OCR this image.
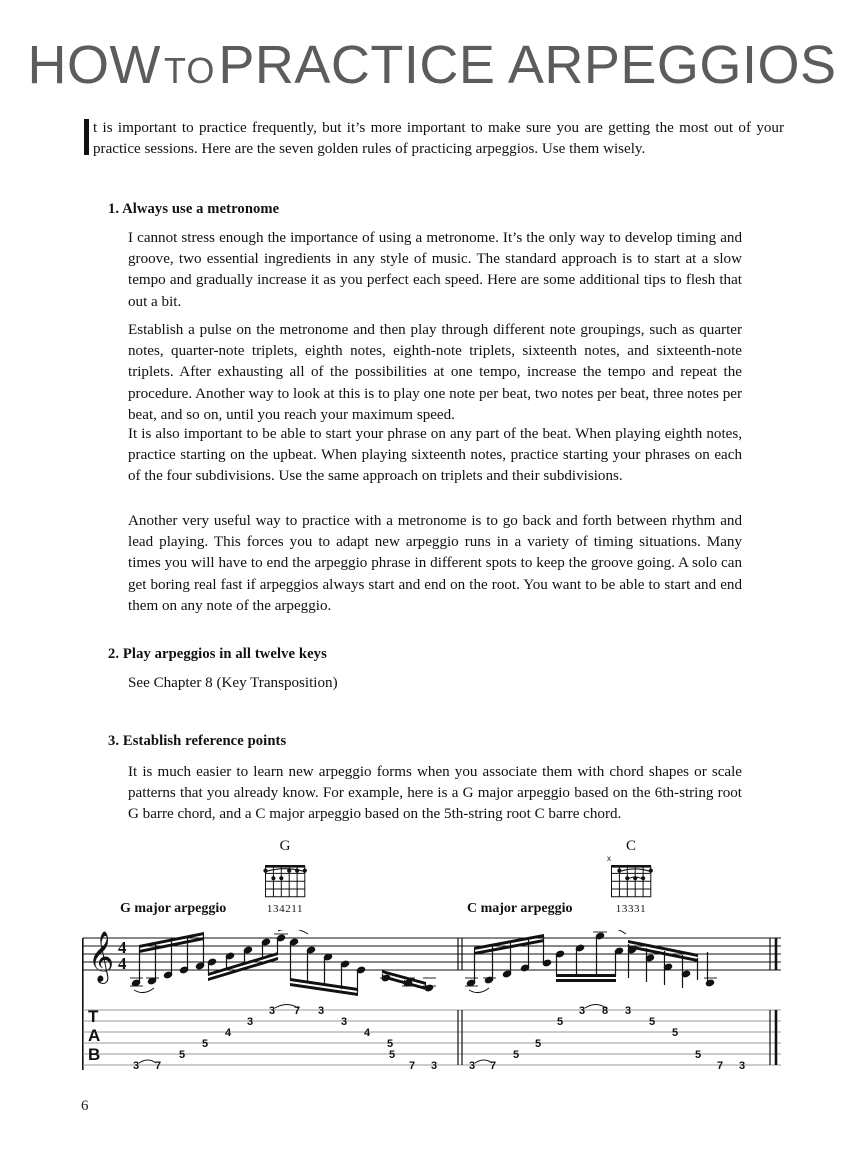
HOWTOPRACTICE ARPEGGIOS
t is important to practice frequently, but it’s more important to make sure you are getting the most out of your practice sessions. Here are the seven golden rules of practicing arpeggios. Use them wisely.
1. Always use a metronome
I cannot stress enough the importance of using a metronome. It’s the only way to develop timing and groove, two essential ingredients in any style of music. The standard approach is to start at a slow tempo and gradually increase it as you perfect each speed. Here are some additional tips to flesh that out a bit.
Establish a pulse on the metronome and then play through different note groupings, such as quarter notes, quarter-note triplets, eighth notes, eighth-note triplets, sixteenth notes, and sixteenth-note triplets. After exhausting all of the possibilities at one tempo, increase the tempo and repeat the procedure. Another way to look at this is to play one note per beat, two notes per beat, three notes per beat, and so on, until you reach your maximum speed.
It is also important to be able to start your phrase on any part of the beat. When playing eighth notes, practice starting on the upbeat. When playing sixteenth notes, practice starting your phrases on each of the four subdivisions. Use the same approach on triplets and their subdivisions.
Another very useful way to practice with a metronome is to go back and forth between rhythm and lead playing. This forces you to adapt new arpeggio runs in a variety of timing situations. Many times you will have to end the arpeggio phrase in different spots to keep the groove going. A solo can get boring real fast if arpeggios always start and end on the root. You want to be able to start and end them on any note of the arpeggio.
2. Play arpeggios in all twelve keys
See Chapter 8 (Key Transposition)
3. Establish reference points
It is much easier to learn new arpeggio forms when you associate them with chord shapes or scale patterns that you already know. For example, here is a G major arpeggio based on the 6th-string root G barre chord, and a C major arpeggio based on the 5th-string root C barre chord.
G
134211
C
x
13331
G major arpeggio	C major arpeggio
𝄞 4
4
T
A
B
3 7
5
5
4
3
3 7 3
3
4
5
5
7 3	3 7
5
5
5
3 8 3
5
5
5
7 3
6
